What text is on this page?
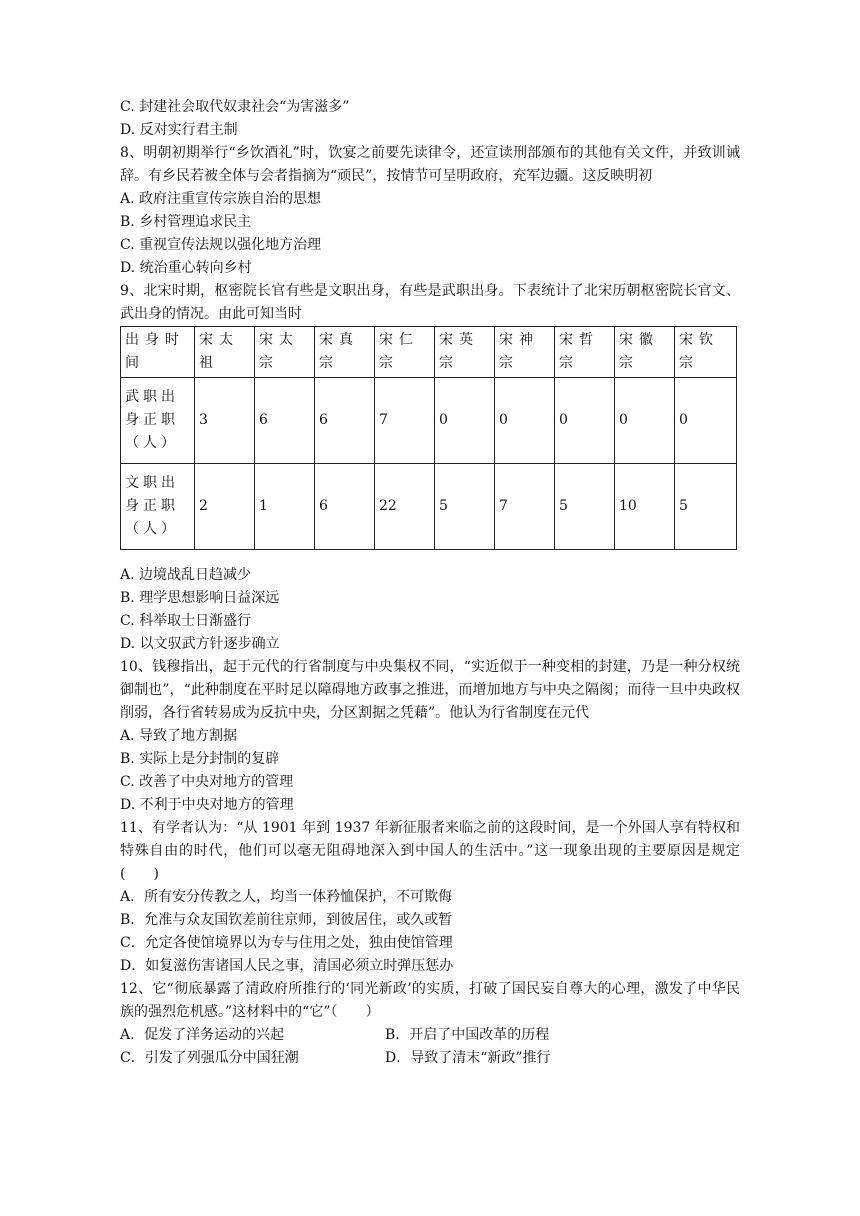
C. 封建社会取代奴隶社会“为害滋多”
D. 反对实行君主制
8、明朝初期举行“乡饮酒礼”时，饮宴之前要先读律令，还宣读刑部颁布的其他有关文件，并致训诫辞。有乡民若被全体与会者指摘为“顽民”，按情节可呈明政府，充军边疆。这反映明初
A. 政府注重宣传宗族自治的思想
B. 乡村管理追求民主
C. 重视宣传法规以强化地方治理
D. 统治重心转向乡村
9、北宋时期，枢密院长官有些是文职出身，有些是武职出身。下表统计了北宋历朝枢密院长官文、武出身的情况。由此可知当时
出身时间	宋太祖	宋太宗	宋真宗	宋仁宗	宋英宗	宋神宗	宋哲宗	宋徽宗	宋钦宗
武职出身正职（人）	3	6	6	7	0	0	0	0	0
文职出身正职（人）	2	1	6	22	5	7	5	10	5
A. 边境战乱日趋减少
B. 理学思想影响日益深远
C. 科举取士日渐盛行
D. 以文驭武方针逐步确立
10、钱穆指出，起于元代的行省制度与中央集权不同，“实近似于一种变相的封建，乃是一种分权统御制也”，“此种制度在平时足以障碍地方政事之推进，而增加地方与中央之隔阂；而待一旦中央政权削弱，各行省转易成为反抗中央，分区割据之凭藉”。他认为行省制度在元代
A. 导致了地方割据
B. 实际上是分封制的复辟
C. 改善了中央对地方的管理
D. 不利于中央对地方的管理
11、有学者认为：“从 1901 年到 1937 年新征服者来临之前的这段时间，是一个外国人享有特权和特殊自由的时代，他们可以毫无阻碍地深入到中国人的生活中。”这一现象出现的主要原因是规定(　　)
A．所有安分传教之人，均当一体矜恤保护，不可欺侮
B．允准与众友国钦差前往京师，到彼居住，或久或暂
C．允定各使馆境界以为专与住用之处，独由使馆管理
D．如复滋伤害诸国人民之事，清国必须立时弹压惩办
12、它“彻底暴露了清政府所推行的‘同光新政’的实质，打破了国民妄自尊大的心理，激发了中华民族的强烈危机感。”这材料中的“它”（　　）
A．促发了洋务运动的兴起	B．开启了中国改革的历程
C．引发了列强瓜分中国狂潮	D．导致了清末“新政”推行
